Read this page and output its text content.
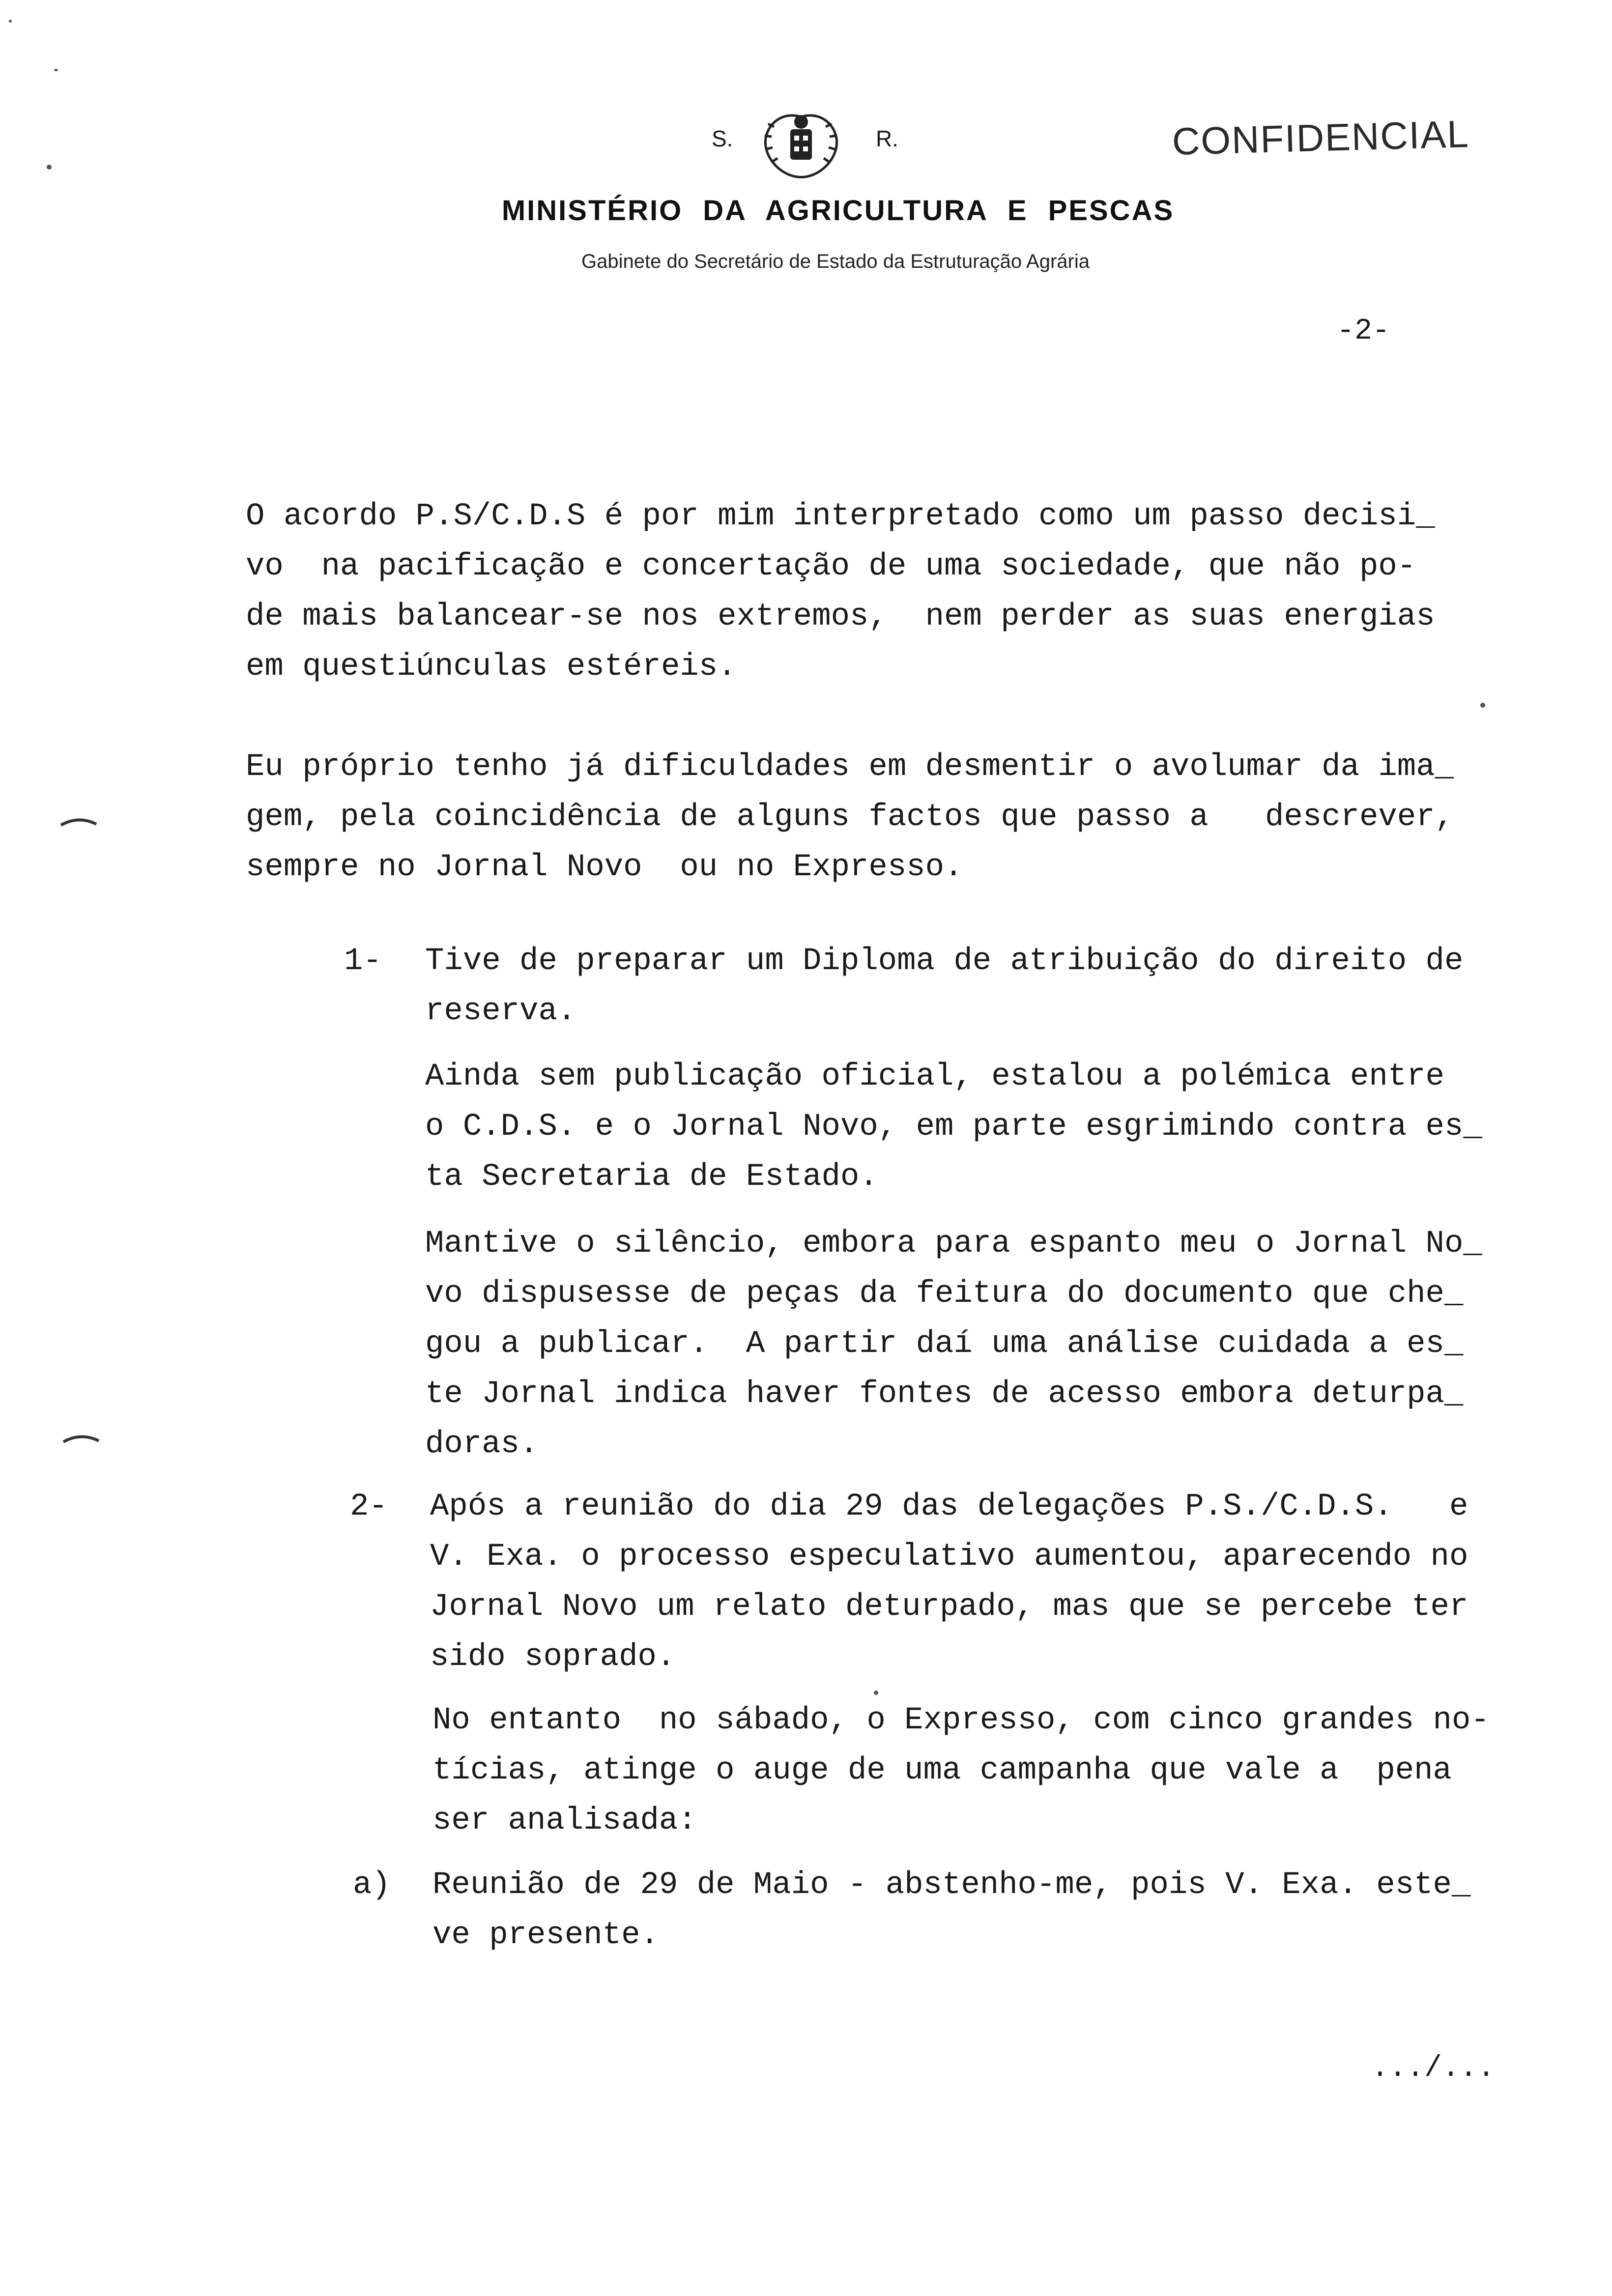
S.	R.
MINISTÉRIO DA AGRICULTURA E PESCAS
Gabinete do Secretário de Estado da Estruturação Agrária
CONFIDENCIAL
-2-
O acordo P.S/C.D.S é por mim interpretado como um passo decisi_
vo  na pacificação e concertação de uma sociedade, que não po-
de mais balancear-se nos extremos,  nem perder as suas energias
em questiúnculas estéreis.
Eu próprio tenho já dificuldades em desmentir o avolumar da ima_
gem, pela coincidência de alguns factos que passo a   descrever,
sempre no Jornal Novo  ou no Expresso.
1- Tive de preparar um Diploma de atribuição do direito de
reserva.
Ainda sem publicação oficial, estalou a polémica entre
o C.D.S. e o Jornal Novo, em parte esgrimindo contra es_
ta Secretaria de Estado.
Mantive o silêncio, embora para espanto meu o Jornal No_
vo dispusesse de peças da feitura do documento que che_
gou a publicar.  A partir daí uma análise cuidada a es_
te Jornal indica haver fontes de acesso embora deturpa_
doras.
2- Após a reunião do dia 29 das delegações P.S./C.D.S.   e
V. Exa. o processo especulativo aumentou, aparecendo no
Jornal Novo um relato deturpado, mas que se percebe ter
sido soprado.
No entanto  no sábado, o Expresso, com cinco grandes no-
tícias, atinge o auge de uma campanha que vale a  pena
ser analisada:
a) Reunião de 29 de Maio - abstenho-me, pois V. Exa. este_
ve presente.
.../...
